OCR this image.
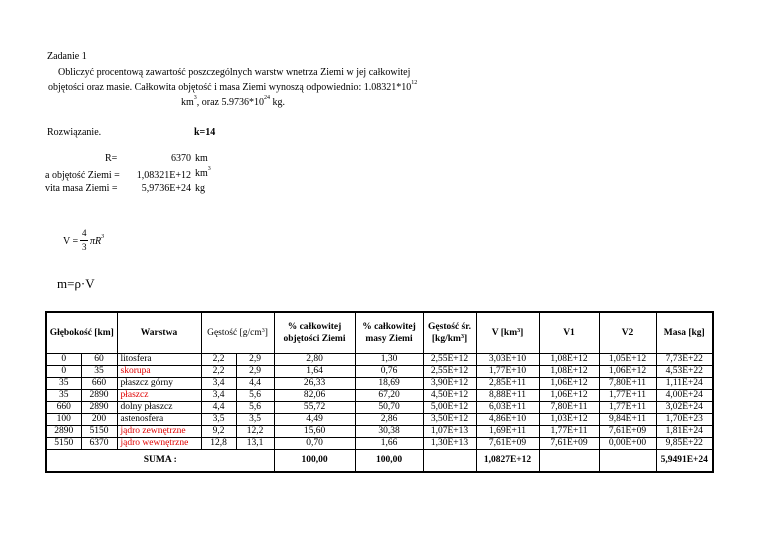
Zadanie 1
Obliczyć procentową zawartość poszczególnych warstw wnetrza Ziemi w jej całkowitej
objętości oraz masie. Całkowita objętość i masa Ziemi wynoszą odpowiednio: $1.08321*10^{12}$
$km^3$, oraz $5.9736*10^{24}$ kg.
Rozwiązanie.	k=14
R=	6370 km
a objętość Ziemi =	1,08321E+12 $km^3$
vita masa Ziemi =	5,9736E+24 kg
V =
4
3 $\pi R^3$
m=ρ·V
Głębokość [km]		Warstwa	Gęstość $[g/cm^3]$		% całkowitej objętości Ziemi	% całkowitej masy Ziemi	Gęstość śr. $[kg/km^3]$	V $[km^3]$	V1	V2	Masa [kg]
0	60	litosfera	2,2	2,9	2,80	1,30	2,55E+12	3,03E+10	1,08E+12	1,05E+12	7,73E+22
0	35	skorupa	2,2	2,9	1,64	0,76	2,55E+12	1,77E+10	1,08E+12	1,06E+12	4,53E+22
35	660	płaszcz górny	3,4	4,4	26,33	18,69	3,90E+12	2,85E+11	1,06E+12	7,80E+11	1,11E+24
35	2890	płaszcz	3,4	5,6	82,06	67,20	4,50E+12	8,88E+11	1,06E+12	1,77E+11	4,00E+24
660	2890	dolny płaszcz	4,4	5,6	55,72	50,70	5,00E+12	6,03E+11	7,80E+11	1,77E+11	3,02E+24
100	200	astenosfera	3,5	3,5	4,49	2,86	3,50E+12	4,86E+10	1,03E+12	9,84E+11	1,70E+23
2890	5150	jądro zewnętrzne	9,2	12,2	15,60	30,38	1,07E+13	1,69E+11	1,77E+11	7,61E+09	1,81E+24
5150	6370	jądro wewnętrzne	12,8	13,1	0,70	1,66	1,30E+13	7,61E+09	7,61E+09	0,00E+00	9,85E+22
SUMA :					100,00	100,00		1,0827E+12			5,9491E+24
